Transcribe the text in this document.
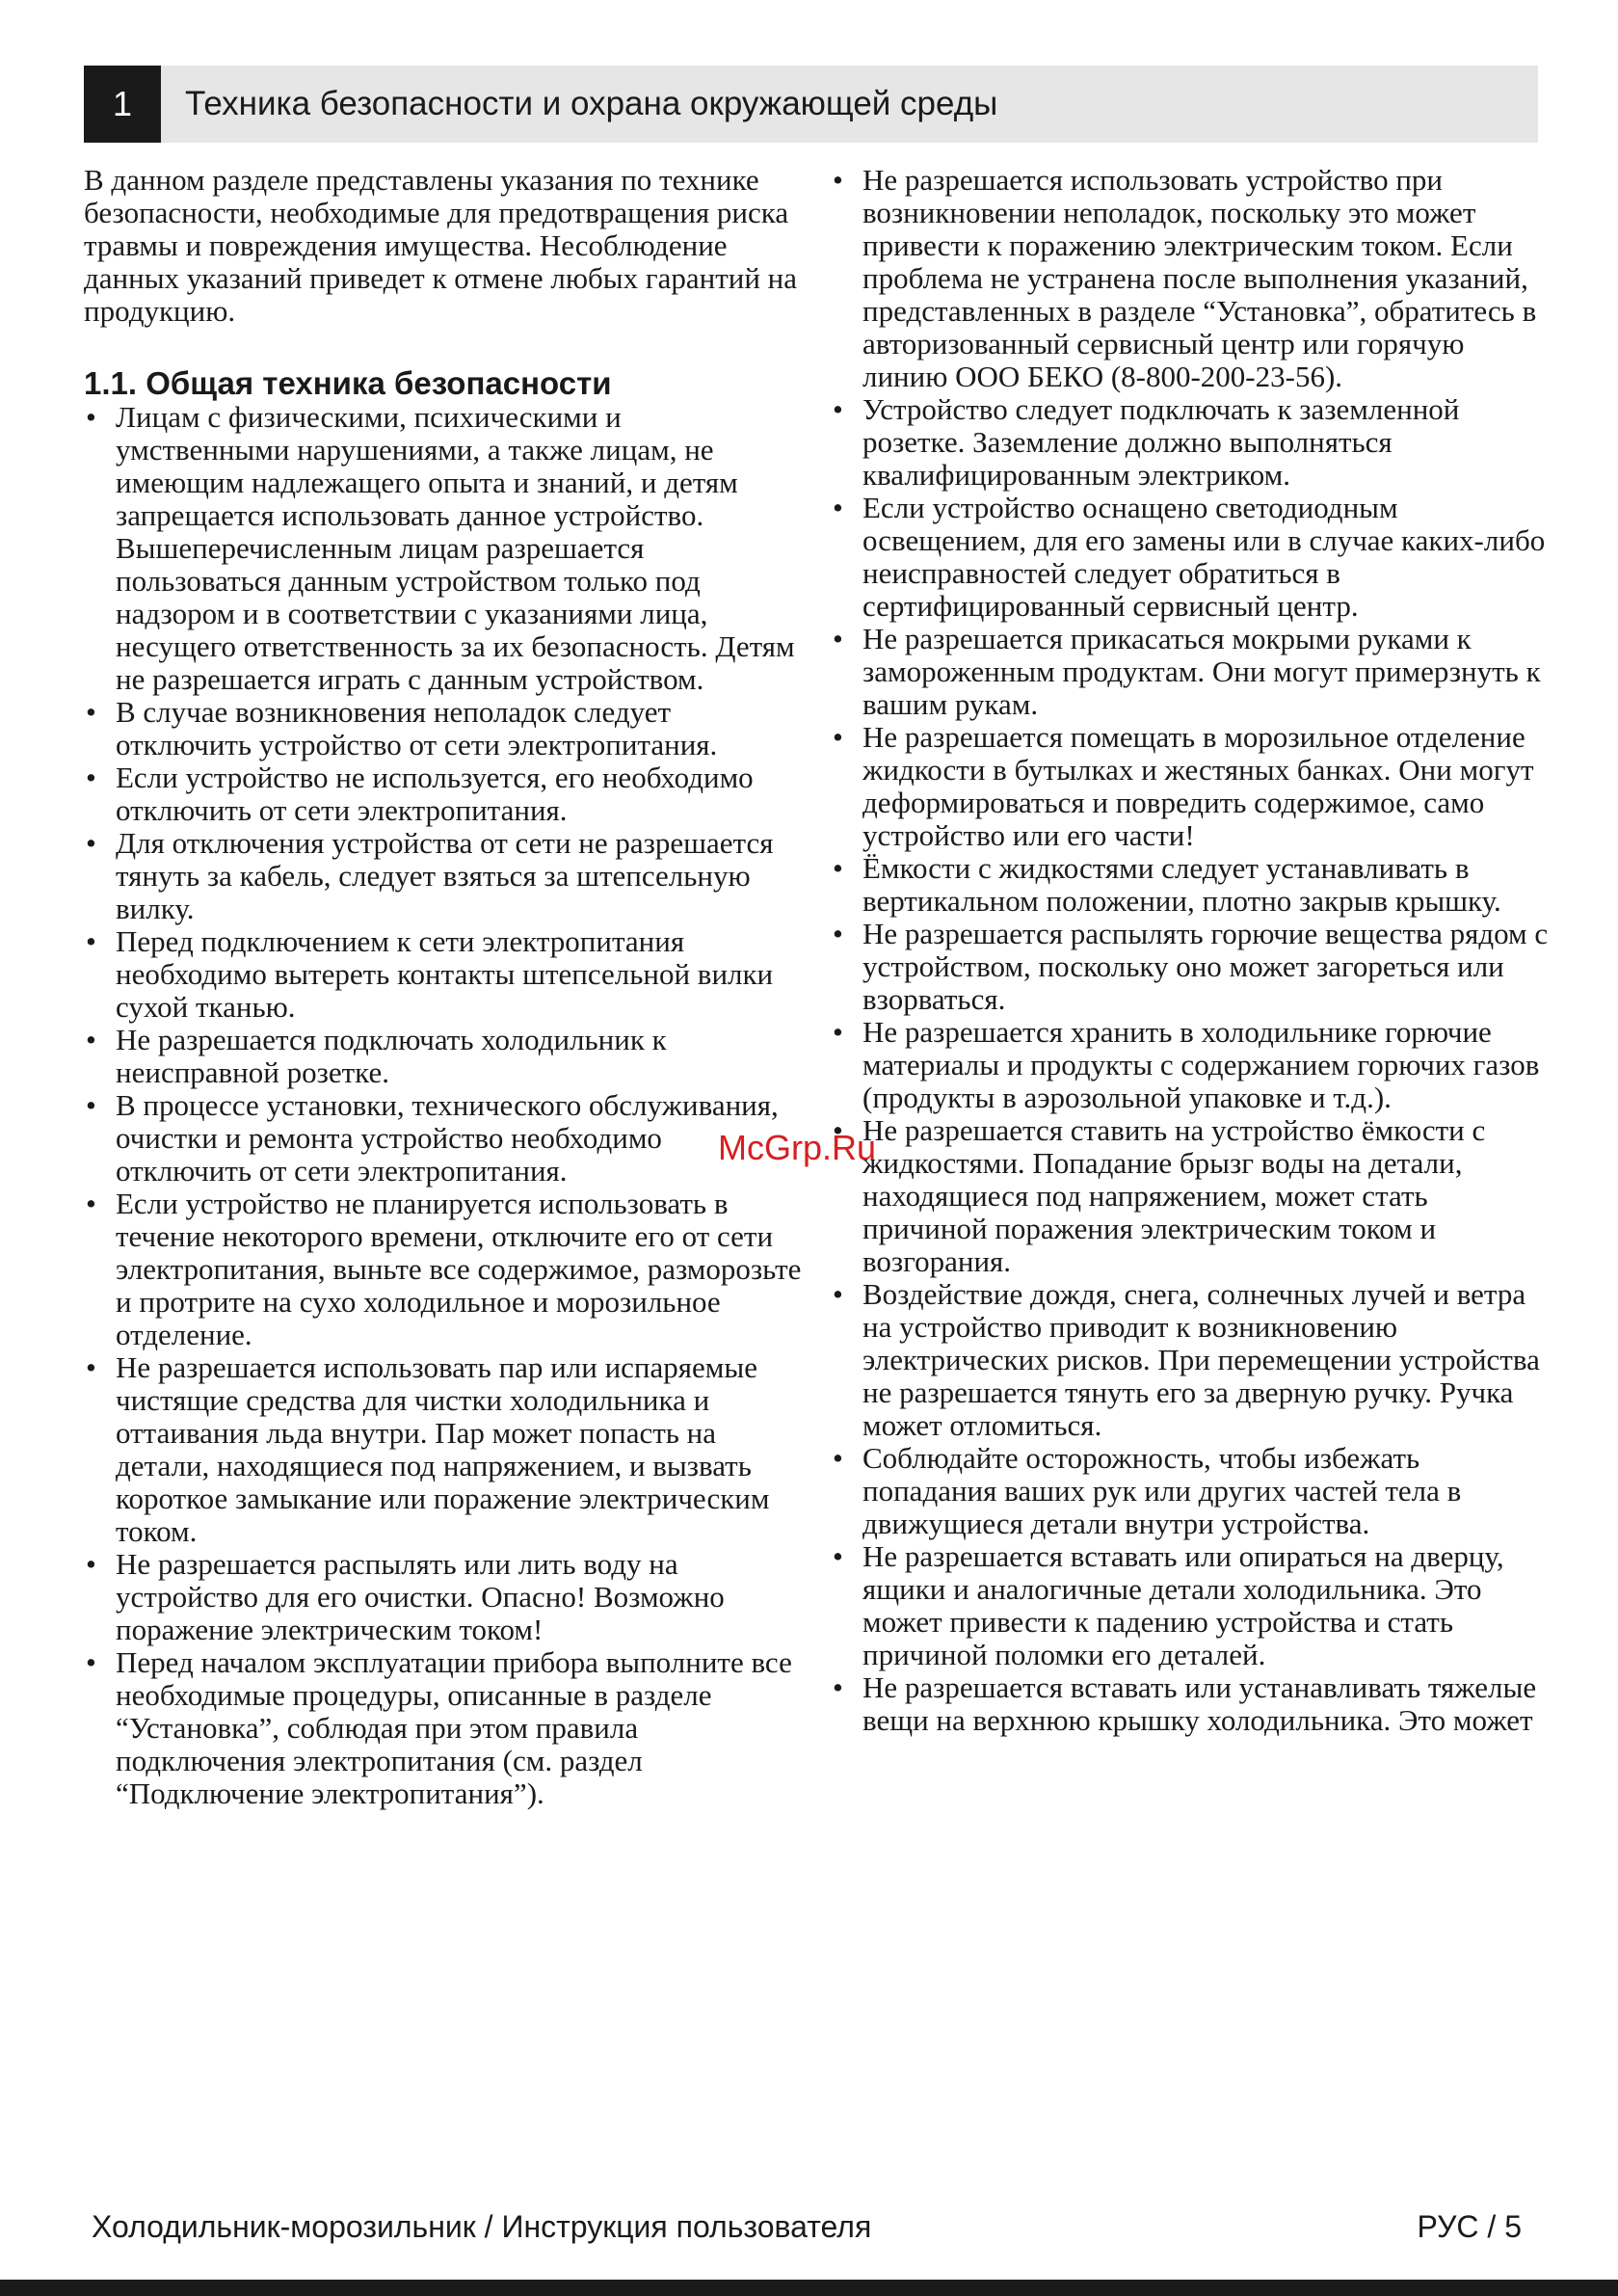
1	Техника безопасности и охрана окружающей среды

В данном разделе представлены указания по технике безопасности, необходимые для предотвращения риска травмы и повреждения имущества. Несоблюдение данных указаний приведет к отмене любых гарантий на продукцию.

1.1. Общая техника безопасности
• Лицам с физическими, психическими и умственными нарушениями, а также лицам, не имеющим надлежащего опыта и знаний, и детям запрещается использовать данное устройство. Вышеперечисленным лицам разрешается пользоваться данным устройством только под надзором и в соответствии с указаниями лица, несущего ответственность за их безопасность. Детям не разрешается играть с данным устройством.
• В случае возникновения неполадок следует отключить устройство от сети электропитания.
• Если устройство не используется, его необходимо отключить от сети электропитания.
• Для отключения устройства от сети не разрешается тянуть за кабель, следует взяться за штепсельную вилку.
• Перед подключением к сети электропитания необходимо вытереть контакты штепсельной вилки сухой тканью.
• Не разрешается подключать холодильник к неисправной розетке.
• В процессе установки, технического обслуживания, очистки и ремонта устройство необходимо отключить от сети электропитания.
• Если устройство не планируется использовать в течение некоторого времени, отключите его от сети электропитания, выньте все содержимое, разморозьте и протрите на сухо холодильное и морозильное отделение.
• Не разрешается использовать пар или испаряемые чистящие средства для чистки холодильника и оттаивания льда внутри. Пар может попасть на детали, находящиеся под напряжением, и вызвать короткое замыкание или поражение электрическим током.
• Не разрешается распылять или лить воду на устройство для его очистки. Опасно! Возможно поражение электрическим током!
• Перед началом эксплуатации прибора выполните все необходимые процедуры, описанные в разделе “Установка”, соблюдая при этом правила подключения электропитания (см. раздел “Подключение электропитания”).
• Не разрешается использовать устройство при возникновении неполадок, поскольку это может привести к поражению электрическим током. Если проблема не устранена после выполнения указаний, представленных в разделе “Установка”, обратитесь в авторизованный сервисный центр или горячую линию ООО БЕКО (8-800-200-23-56).
• Устройство следует подключать к заземленной розетке. Заземление должно выполняться квалифицированным электриком.
• Если устройство оснащено светодиодным освещением, для его замены или в случае каких-либо неисправностей следует обратиться в сертифицированный сервисный центр.
• Не разрешается прикасаться мокрыми руками к замороженным продуктам. Они могут примерзнуть к вашим рукам.
• Не разрешается помещать в морозильное отделение жидкости в бутылках и жестяных банках. Они могут деформироваться и повредить содержимое, само устройство или его части!
• Ёмкости с жидкостями следует устанавливать в вертикальном положении, плотно закрыв крышку.
• Не разрешается распылять горючие вещества рядом с устройством, поскольку оно может загореться или взорваться.
• Не разрешается хранить в холодильнике горючие материалы и продукты с содержанием горючих газов (продукты в аэрозольной упаковке и т.д.).
• Не разрешается ставить на устройство ёмкости с жидкостями. Попадание брызг воды на детали, находящиеся под напряжением, может стать причиной поражения электрическим током и возгорания.
• Воздействие дождя, снега, солнечных лучей и ветра на устройство приводит к возникновению электрических рисков. При перемещении устройства не разрешается тянуть его за дверную ручку. Ручка может отломиться.
• Соблюдайте осторожность, чтобы избежать попадания ваших рук или других частей тела в движущиеся детали внутри устройства.
• Не разрешается вставать или опираться на дверцу, ящики и аналогичные детали холодильника. Это может привести к падению устройства и стать причиной поломки его деталей.
• Не разрешается вставать или устанавливать тяжелые вещи на верхнюю крышку холодильника. Это может
McGrp.Ru
Холодильник-морозильник / Инструкция пользователя	РУС / 5
